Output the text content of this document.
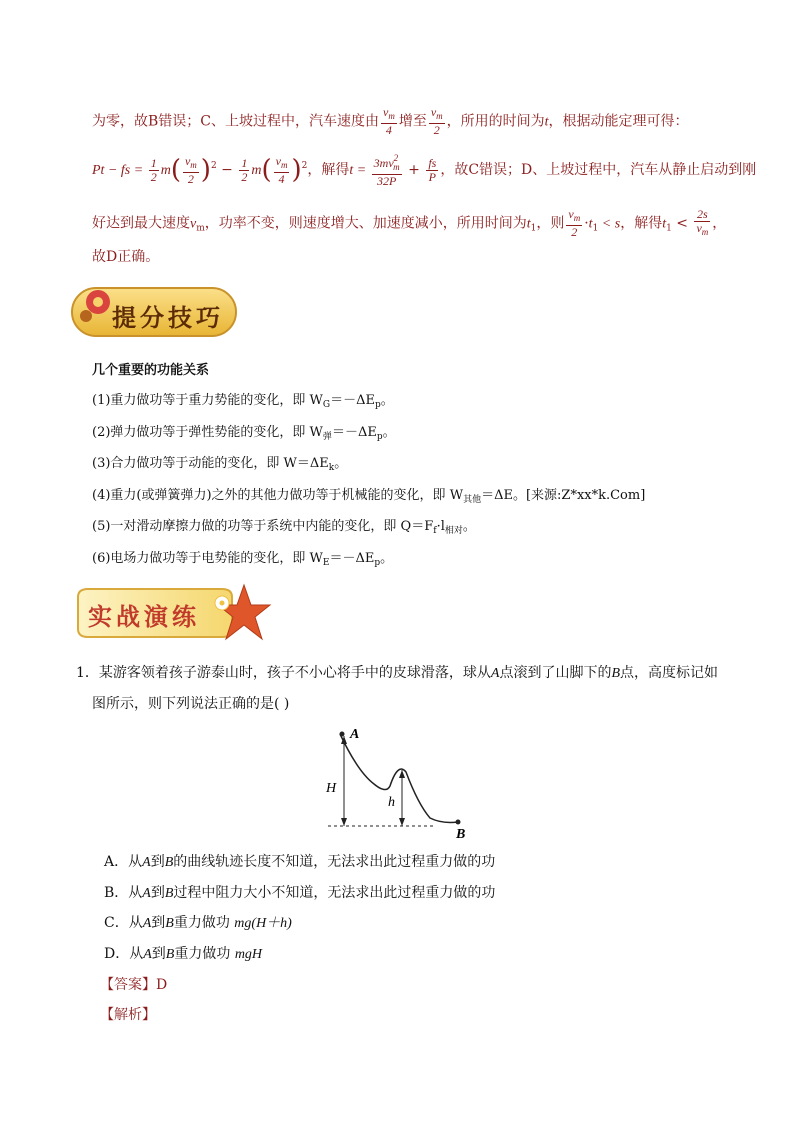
为零，故B错误；C、上坡过程中，汽车速度由 $\frac{v_m}{4}$ 增至 $\frac{v_m}{2}$ ，所用的时间为t，根据动能定理可得：
Pt − fs = $\frac{1}{2} m( \frac{v_m}{2} )^2 - \frac{1}{2} m( \frac{v_m}{4} )^2$，解得$t = \frac{3mv^2_m}{32P} + \frac{fs}{P}$ ，故C错误；D、上坡过程中，汽车从静止启动到刚
好达到最大速度$v_m$，功率不变，则速度增大、加速度减小，所用时间为$t_1$，则 $\frac{v_m}{2} \cdot t_1 < s$，解得$t_1 < \frac{2s}{v_m}$ ，
故D正确。
提分技巧
几个重要的功能关系
(1)重力做功等于重力势能的变化，即 $W_G=-\Delta E_p$。
(2)弹力做功等于弹性势能的变化，即 $W_弹=-\Delta E_p$。
(3)合力做功等于动能的变化，即 $W=\Delta E_k$。
(4)重力(或弹簧弹力)之外的其他力做功等于机械能的变化，即 $W_{其他}=\Delta E$。[来源:Z*xx*k.Com]
(5)一对滑动摩擦力做的功等于系统中内能的变化，即 $Q=F_f\cdot l_{相对}$。
(6)电场力做功等于电势能的变化，即 $W_E=-\Delta E_p$。
实战演练
1．某游客领着孩子游泰山时，孩子不小心将手中的皮球滑落，球从A点滚到了山脚下的B点，高度标记如
图所示，则下列说法正确的是( )
A
H
h
B
A．从A到B的曲线轨迹长度不知道，无法求出此过程重力做的功
B．从A到B过程中阻力大小不知道，无法求出此过程重力做的功
C．从A到B重力做功 mg(H＋h)
D．从A到B重力做功 mgH
【答案】D
【解析】
